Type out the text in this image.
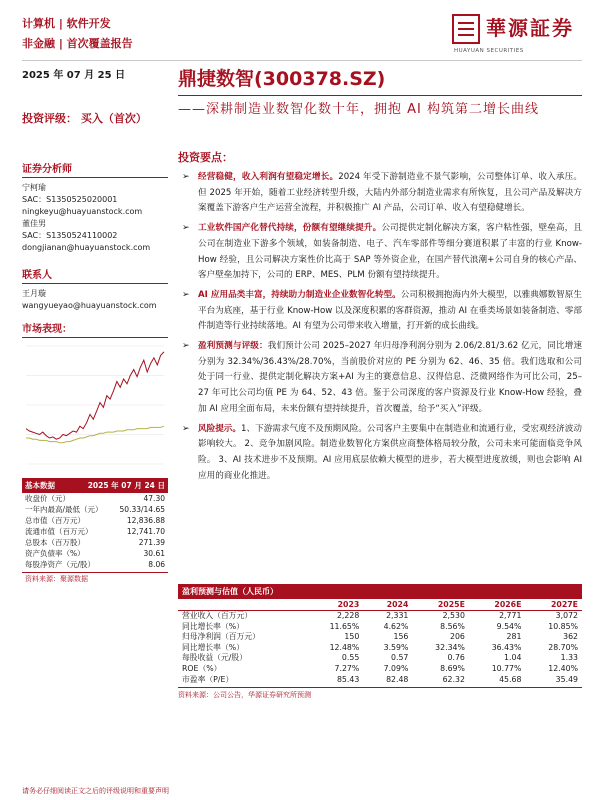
计算机 | 软件开发
非金融 | 首次覆盖报告
華源証券
HUAYUAN SECURITIES
2025 年 07 月 25 日	鼎捷数智(300378.SZ)
——深耕制造业数智化数十年，拥抱 AI 构筑第二增长曲线
投资评级： 买入（首次）
证券分析师
宁柯瑜
SAC：S1350525020001
ningkeyu@huayuanstock.com
董佳男
SAC：S1350524110002
dongjianan@huayuanstock.com
联系人
王月璇
wangyueyao@huayuanstock.com
市场表现：
基本数据	2025 年 07 月 24 日
收盘价（元）	47.30
一年内最高/最低（元）	50.33/14.65
总市值（百万元）	12,836.88
流通市值（百万元）	12,741.70
总股本（百万股）	271.39
资产负债率（%）	30.61
每股净资产（元/股）	8.06
资料来源：聚源数据
投资要点：
➢ 经营稳健，收入利润有望稳定增长。2024 年受下游制造业不景气影响，公司整体订单、收入承压。但 2025 年开始，随着工业经济转型升级，大陆内外部分制造业需求有所恢复，且公司产品及解决方案覆盖下游客户生产运营全流程，并积极推广 AI 产品，公司订单、收入有望稳健增长。
➢ 工业软件国产化替代持续，份额有望继续提升。公司提供定制化解决方案，客户粘性强，壁垒高，且公司在制造业下游多个领域，如装备制造、电子、汽车零部件等细分赛道积累了丰富的行业 Know-How 经验，且公司解决方案性价比高于 SAP 等外资企业，在国产替代浪潮+公司自身的核心产品、客户壁垒加持下，公司的 ERP、MES、PLM 份额有望持续提升。
➢ AI 应用品类丰富，持续助力制造业企业数智化转型。公司积极拥抱海内外大模型，以雅典娜数智原生平台为底座，基于行业 Know-How 以及深度积累的客群资源，推动 AI 在垂类场景如装备制造、零部件制造等行业持续落地。AI 有望为公司带来收入增量，打开新的成长曲线。
➢ 盈利预测与评级：我们预计公司 2025–2027 年归母净利润分别为 2.06/2.81/3.62 亿元，同比增速分别为 32.34%/36.43%/28.70%，当前股价对应的 PE 分别为 62、46、35 倍。我们选取和公司处于同一行业、提供定制化解决方案+AI 为主的赛意信息、汉得信息、泛微网络作为可比公司，25–27 年可比公司均值 PE 为 64、52、43 倍。鉴于公司深度的客户资源及行业 Know-How 经验，叠加 AI 应用全面布局，未来份额有望持续提升，首次覆盖，给予“买入”评级。
➢ 风险提示。1、下游需求气度不及预期风险。公司客户主要集中在制造业和流通行业，受宏观经济波动影响较大。 2、竞争加剧风险。制造业数智化方案供应商整体格局较分散，公司未来可能面临竞争风险。 3、AI 技术进步不及预期。AI 应用底层依赖大模型的进步，若大模型进度放缓，则也会影响 AI 应用的商业化推进。
盈利预测与估值（人民币）
	2023	2024	2025E	2026E	2027E
营业收入（百万元）	2,228	2,331	2,530	2,771	3,072
同比增长率（%）	11.65%	4.62%	8.56%	9.54%	10.85%
归母净利润（百万元）	150	156	206	281	362
同比增长率（%）	12.48%	3.59%	32.34%	36.43%	28.70%
每股收益（元/股）	0.55	0.57	0.76	1.04	1.33
ROE（%）	7.27%	7.09%	8.69%	10.77%	12.40%
市盈率（P/E）	85.43	82.48	62.32	45.68	35.49
资料来源：公司公告，华源证券研究所预测
请务必仔细阅读正文之后的评级说明和重要声明
